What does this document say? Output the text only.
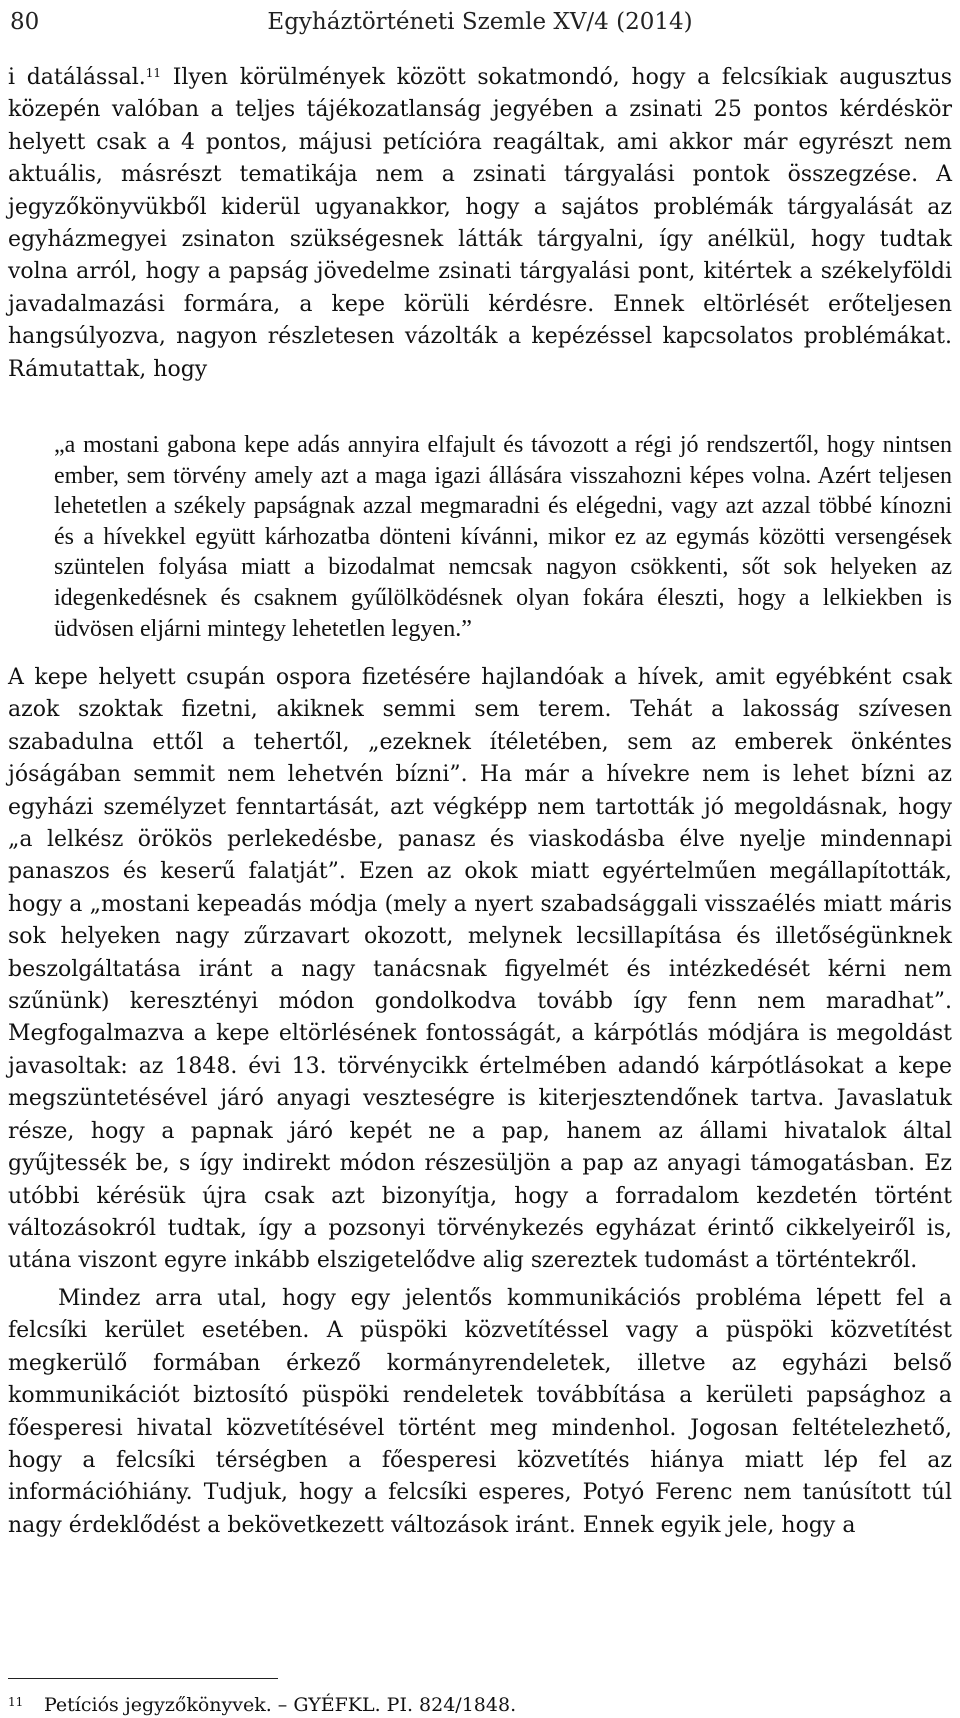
80	Egyháztörténeti Szemle XV/4 (2014)

i datálással.$^{11}$ Ilyen körülmények között sokatmondó, hogy a felcsíkiak augusztus közepén valóban a teljes tájékozatlanság jegyében a zsinati 25 pontos kérdéskör helyett csak a 4 pontos, májusi petícióra reagáltak, ami akkor már egyrészt nem aktuális, másrészt tematikája nem a zsinati tárgyalási pontok összegzése. A jegyzőkönyvükből kiderül ugyanakkor, hogy a sajátos problémák tárgyalását az egyházmegyei zsinaton szükségesnek látták tárgyalni, így anélkül, hogy tudtak volna arról, hogy a papság jövedelme zsinati tárgyalási pont, kitértek a székelyföldi javadalmazási formára, a kepe körüli kérdésre. Ennek eltörlését erőteljesen hangsúlyozva, nagyon részletesen vázolták a kepézéssel kapcsolatos problémákat. Rámutattak, hogy

„a mostani gabona kepe adás annyira elfajult és távozott a régi jó rendszertől, hogy nintsen ember, sem törvény amely azt a maga igazi állására visszahozni képes volna. Azért teljesen lehetetlen a székely papságnak azzal megmaradni és elégedni, vagy azt azzal többé kínozni és a hívekkel együtt kárhozatba dönteni kívánni, mikor ez az egymás közötti versengések szüntelen folyása miatt a bizodalmat nemcsak nagyon csökkenti, sőt sok helyeken az idegenkedésnek és csaknem gyűlölködésnek olyan fokára éleszti, hogy a lelkiekben is üdvösen eljárni mintegy lehetetlen legyen.”

A kepe helyett csupán ospora fizetésére hajlandóak a hívek, amit egyébként csak azok szoktak fizetni, akiknek semmi sem terem. Tehát a lakosság szívesen szabadulna ettől a tehertől, „ezeknek ítéletében, sem az emberek önkéntes jóságában semmit nem lehetvén bízni”. Ha már a hívekre nem is lehet bízni az egyházi személyzet fenntartását, azt végképp nem tartották jó megoldásnak, hogy „a lelkész örökös perlekedésbe, panasz és viaskodásba élve nyelje mindennapi panaszos és keserű falatját”. Ezen az okok miatt egyértelműen megállapították, hogy a „mostani kepeadás módja (mely a nyert szabadsággali visszaélés miatt máris sok helyeken nagy zűrzavart okozott, melynek lecsillapítása és illetőségünknek beszolgáltatása iránt a nagy tanácsnak figyelmét és intézkedését kérni nem szűnünk) keresztényi módon gondolkodva tovább így fenn nem maradhat”. Megfogalmazva a kepe eltörlésének fontosságát, a kárpótlás módjára is megoldást javasoltak: az 1848. évi 13. törvénycikk értelmében adandó kárpótlásokat a kepe megszüntetésével járó anyagi veszteségre is kiterjesztendőnek tartva. Javaslatuk része, hogy a papnak járó kepét ne a pap, hanem az állami hivatalok által gyűjtessék be, s így indirekt módon részesüljön a pap az anyagi támogatásban. Ez utóbbi kérésük újra csak azt bizonyítja, hogy a forradalom kezdetén történt változásokról tudtak, így a pozsonyi törvénykezés egyházat érintő cikkelyeiről is, utána viszont egyre inkább elszigetelődve alig szereztek tudomást a történtekről.

Mindez arra utal, hogy egy jelentős kommunikációs probléma lépett fel a felcsíki kerület esetében. A püspöki közvetítéssel vagy a püspöki közvetítést megkerülő formában érkező kormányrendeletek, illetve az egyházi belső kommunikációt biztosító püspöki rendeletek továbbítása a kerületi papsághoz a főesperesi hivatal közvetítésével történt meg mindenhol. Jogosan feltételezhető, hogy a felcsíki térségben a főesperesi közvetítés hiánya miatt lép fel az információhiány. Tudjuk, hogy a felcsíki esperes, Potyó Ferenc nem tanúsított túl nagy érdeklődést a bekövetkezett változások iránt. Ennek egyik jele, hogy a

11 Petíciós jegyzőkönyvek. – GYÉFKL. PI. 824/1848.
